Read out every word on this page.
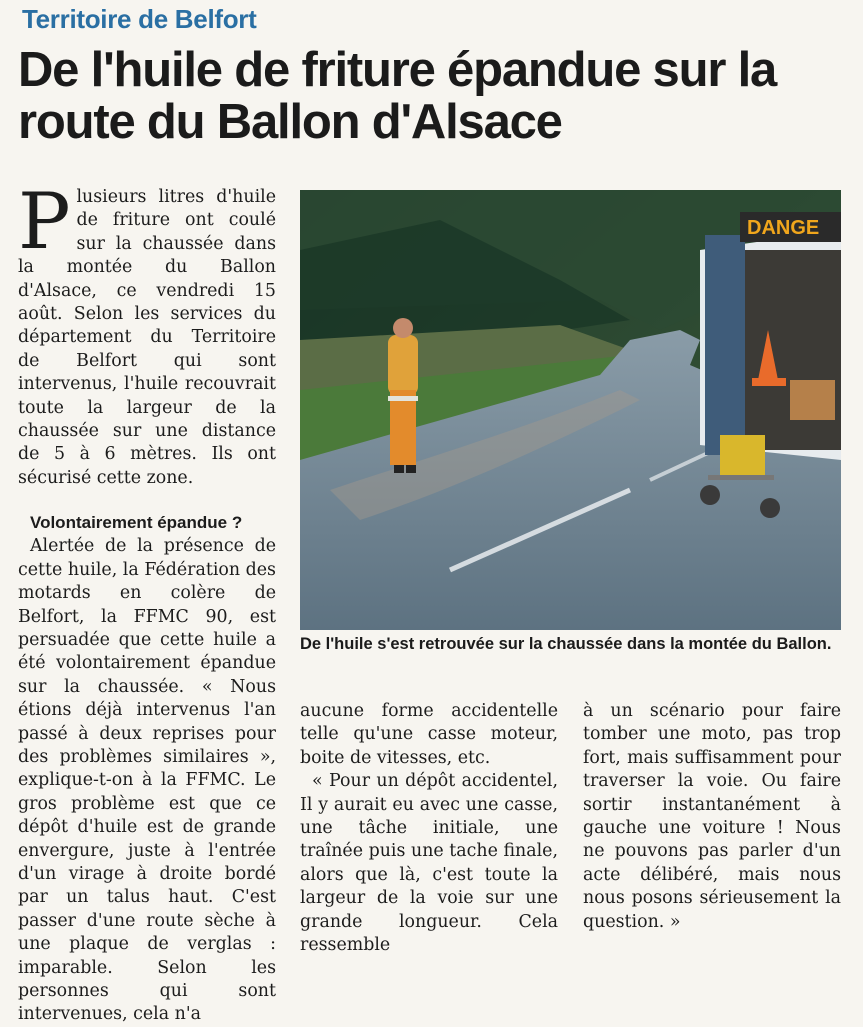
Territoire de Belfort
De l'huile de friture épandue sur la route du Ballon d'Alsace

Plusieurs litres d'huile de friture ont coulé sur la chaussée dans la montée du Ballon d'Alsace, ce vendredi 15 août. Selon les services du département du Territoire de Belfort qui sont intervenus, l'huile recouvrait toute la largeur de la chaussée sur une distance de 5 à 6 mètres. Ils ont sécurisé cette zone.

Volontairement épandue ?

Alertée de la présence de cette huile, la Fédération des motards en colère de Belfort, la FFMC 90, est persuadée que cette huile a été volontairement épandue sur la chaussée. « Nous étions déjà intervenus l'an passé à deux reprises pour des problèmes similaires », explique-t-on à la FFMC. Le gros problème est que ce dépôt d'huile est de grande envergure, juste à l'entrée d'un virage à droite bordé par un talus haut. C'est passer d'une route sèche à une plaque de verglas : imparable. Selon les personnes qui sont intervenues, cela n'a

DANGE
De l'huile s'est retrouvée sur la chaussée dans la montée du Ballon.

aucune forme accidentelle telle qu'une casse moteur, boite de vitesses, etc.

« Pour un dépôt accidentel, Il y aurait eu avec une casse, une tâche initiale, une traînée puis une tache finale, alors que là, c'est toute la largeur de la voie sur une grande longueur. Cela ressemble

à un scénario pour faire tomber une moto, pas trop fort, mais suffisamment pour traverser la voie. Ou faire sortir instantanément à gauche une voiture ! Nous ne pouvons pas parler d'un acte délibéré, mais nous nous posons sérieusement la question. »
